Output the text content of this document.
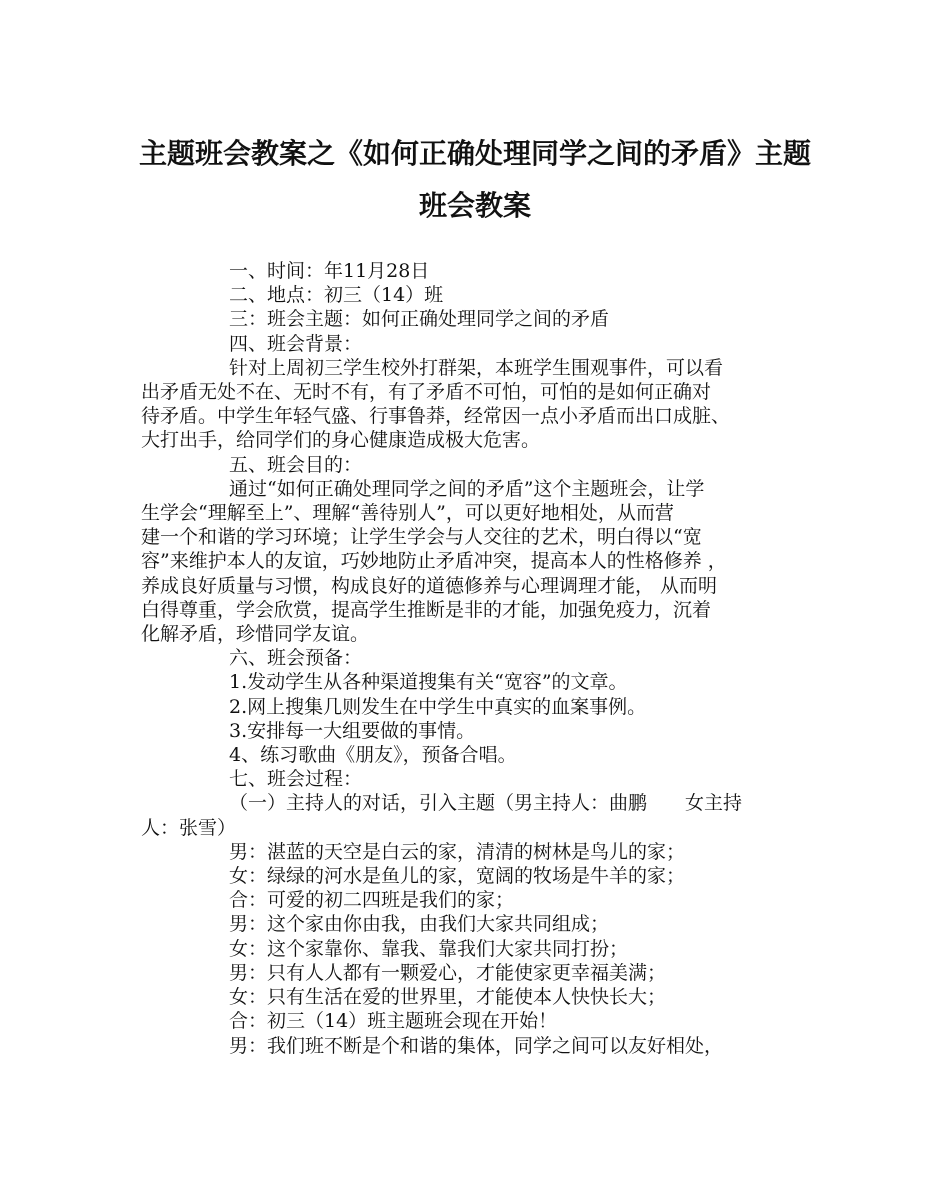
主题班会教案之《如何正确处理同学之间的矛盾》主题
班会教案
一、时间：年11月28日
二、地点：初三（14）班
三：班会主题：如何正确处理同学之间的矛盾
四、班会背景：
针对上周初三学生校外打群架，本班学生围观事件，可以看
出矛盾无处不在、无时不有，有了矛盾不可怕，可怕的是如何正确对
待矛盾。中学生年轻气盛、行事鲁莽，经常因一点小矛盾而出口成脏、
大打出手，给同学们的身心健康造成极大危害。
五、班会目的：
通过“如何正确处理同学之间的矛盾”这个主题班会，让学
生学会“理解至上”、理解“善待别人”，可以更好地相处，从而营
建一个和谐的学习环境；让学生学会与人交往的艺术，明白得以“宽
容”来维护本人的友谊，巧妙地防止矛盾冲突，提高本人的性格修养 ，
养成良好质量与习惯，构成良好的道德修养与心理调理才能， 从而明
白得尊重，学会欣赏，提高学生推断是非的才能，加强免疫力，沉着
化解矛盾，珍惜同学友谊。
六、班会预备：
1.发动学生从各种渠道搜集有关“宽容”的文章。
2.网上搜集几则发生在中学生中真实的血案事例。
3.安排每一大组要做的事情。
4、练习歌曲《朋友》，预备合唱。
七、班会过程：
（一）主持人的对话，引入主题（男主持人：曲鹏　　女主持
人：张雪）
男：湛蓝的天空是白云的家，清清的树林是鸟儿的家；
女：绿绿的河水是鱼儿的家，宽阔的牧场是牛羊的家；
合：可爱的初二四班是我们的家；
男：这个家由你由我，由我们大家共同组成；
女：这个家靠你、靠我、靠我们大家共同打扮；
男：只有人人都有一颗爱心，才能使家更幸福美满；
女：只有生活在爱的世界里，才能使本人快快长大；
合：初三（14）班主题班会现在开始！
男：我们班不断是个和谐的集体，同学之间可以友好相处，
